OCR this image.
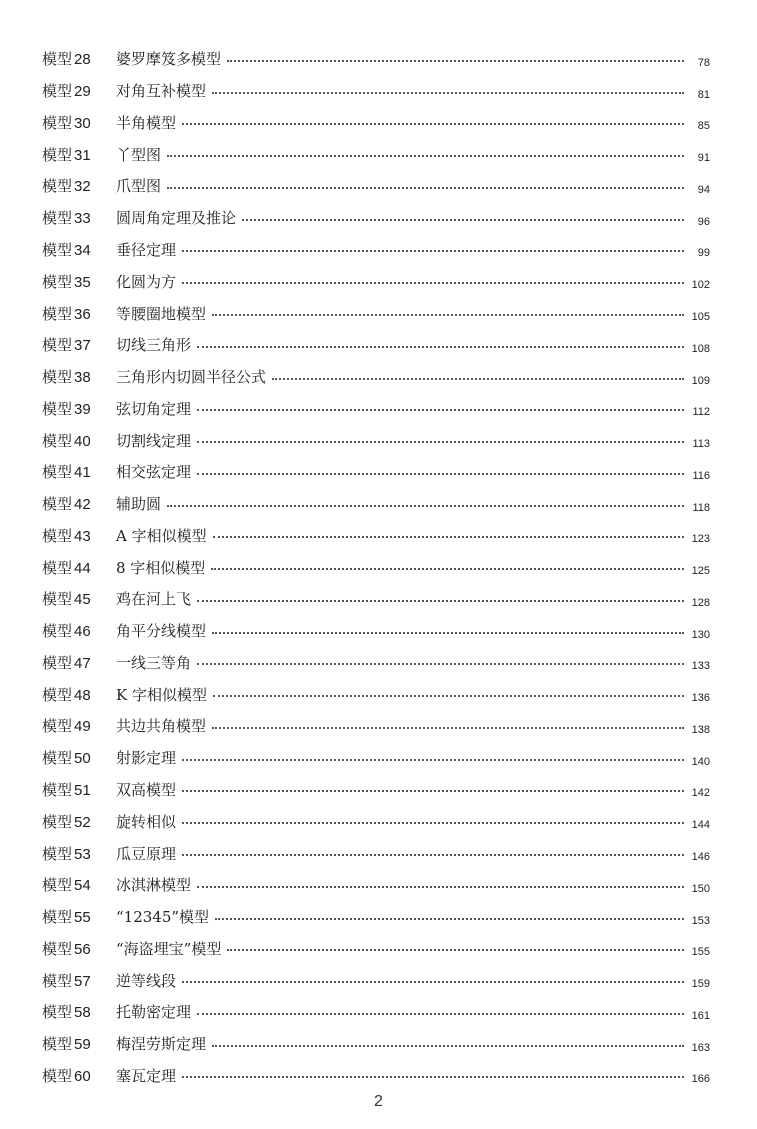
模型 28 婆罗摩笈多模型	78
模型 29 对角互补模型	81
模型 30 半角模型	85
模型 31 丫型图	91
模型 32 爪型图	94
模型 33 圆周角定理及推论	96
模型 34 垂径定理	99
模型 35 化圆为方	102
模型 36 等腰圈地模型	105
模型 37 切线三角形	108
模型 38 三角形内切圆半径公式	109
模型 39 弦切角定理	112
模型 40 切割线定理	113
模型 41 相交弦定理	116
模型 42 辅助圆	118
模型 43 A 字相似模型	123
模型 44 8 字相似模型	125
模型 45 鸡在河上飞	128
模型 46 角平分线模型	130
模型 47 一线三等角	133
模型 48 K 字相似模型	136
模型 49 共边共角模型	138
模型 50 射影定理	140
模型 51 双高模型	142
模型 52 旋转相似	144
模型 53 瓜豆原理	146
模型 54 冰淇淋模型	150
模型 55 “12345”模型	153
模型 56 “海盗埋宝”模型	155
模型 57 逆等线段	159
模型 58 托勒密定理	161
模型 59 梅涅劳斯定理	163
模型 60 塞瓦定理	166
2
